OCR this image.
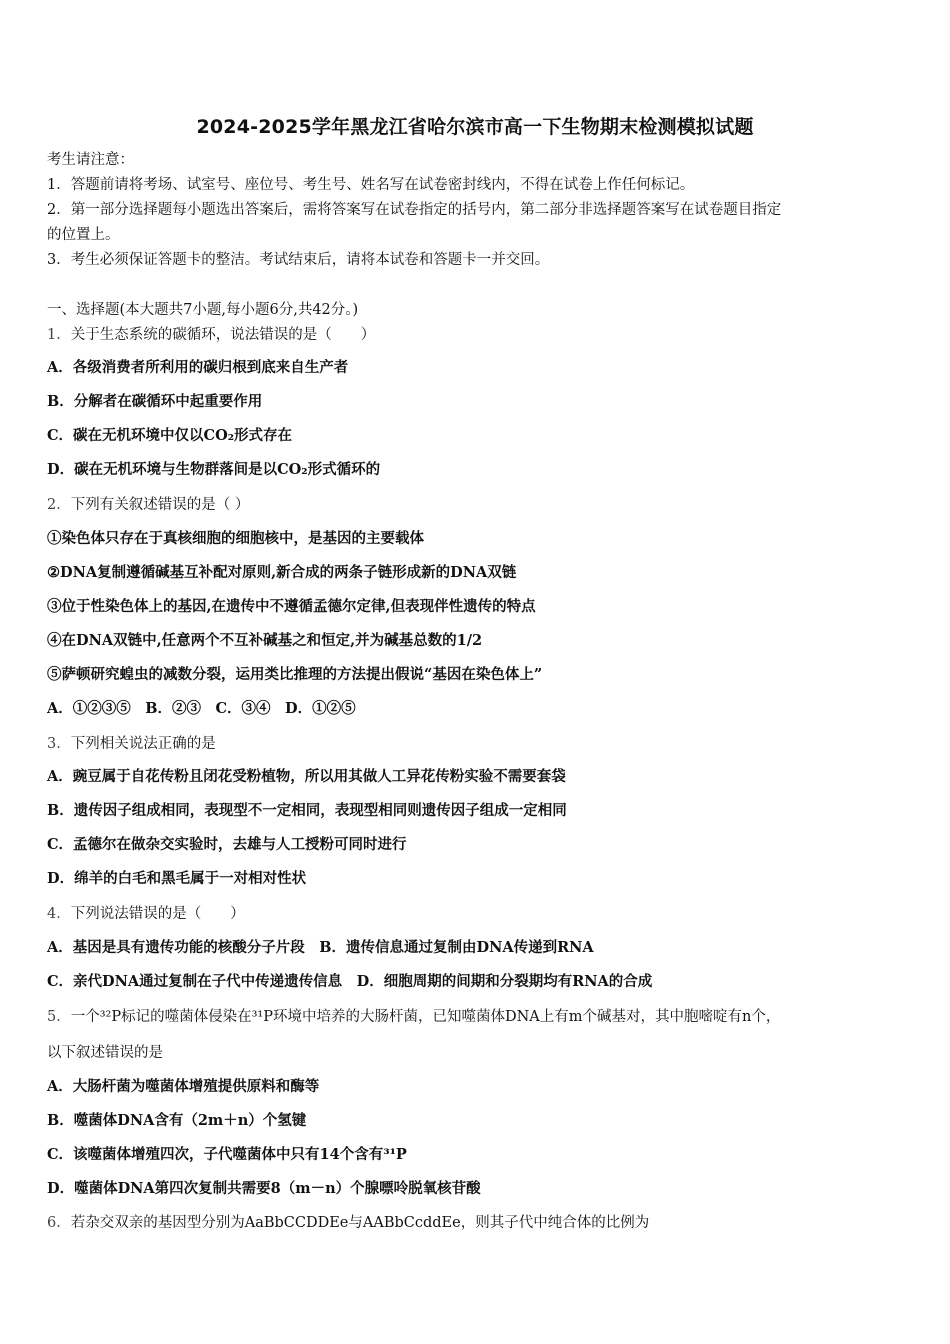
2024-2025学年黑龙江省哈尔滨市高一下生物期末检测模拟试题
考生请注意：
1．答题前请将考场、试室号、座位号、考生号、姓名写在试卷密封线内，不得在试卷上作任何标记。
2．第一部分选择题每小题选出答案后，需将答案写在试卷指定的括号内，第二部分非选择题答案写在试卷题目指定
的位置上。
3．考生必须保证答题卡的整洁。考试结束后，请将本试卷和答题卡一并交回。
一、选择题(本大题共7小题,每小题6分,共42分。)
1．关于生态系统的碳循环，说法错误的是（　　）
A．各级消费者所利用的碳归根到底来自生产者
B．分解者在碳循环中起重要作用
C．碳在无机环境中仅以CO₂形式存在
D．碳在无机环境与生物群落间是以CO₂形式循环的
2．下列有关叙述错误的是（ ）
①染色体只存在于真核细胞的细胞核中，是基因的主要载体
②DNA复制遵循碱基互补配对原则,新合成的两条子链形成新的DNA双链
③位于性染色体上的基因,在遗传中不遵循孟德尔定律,但表现伴性遗传的特点
④在DNA双链中,任意两个不互补碱基之和恒定,并为碱基总数的1/2
⑤萨顿研究蝗虫的减数分裂，运用类比推理的方法提出假说“基因在染色体上”
A．①②③⑤　B．②③　C．③④　D．①②⑤
3．下列相关说法正确的是
A．豌豆属于自花传粉且闭花受粉植物，所以用其做人工异花传粉实验不需要套袋
B．遗传因子组成相同，表现型不一定相同，表现型相同则遗传因子组成一定相同
C．孟德尔在做杂交实验时，去雄与人工授粉可同时进行
D．绵羊的白毛和黑毛属于一对相对性状
4．下列说法错误的是（　　）
A．基因是具有遗传功能的核酸分子片段　B．遗传信息通过复制由DNA传递到RNA
C．亲代DNA通过复制在子代中传递遗传信息　D．细胞周期的间期和分裂期均有RNA的合成
5．一个³²P标记的噬菌体侵染在³¹P环境中培养的大肠杆菌，已知噬菌体DNA上有m个碱基对，其中胞嘧啶有n个，
以下叙述错误的是
A．大肠杆菌为噬菌体增殖提供原料和酶等
B．噬菌体DNA含有（2m＋n）个氢键
C．该噬菌体增殖四次，子代噬菌体中只有14个含有³¹P
D．噬菌体DNA第四次复制共需要8（m－n）个腺嘌呤脱氧核苷酸
6．若杂交双亲的基因型分别为AaBbCCDDEe与AABbCcddEe，则其子代中纯合体的比例为
